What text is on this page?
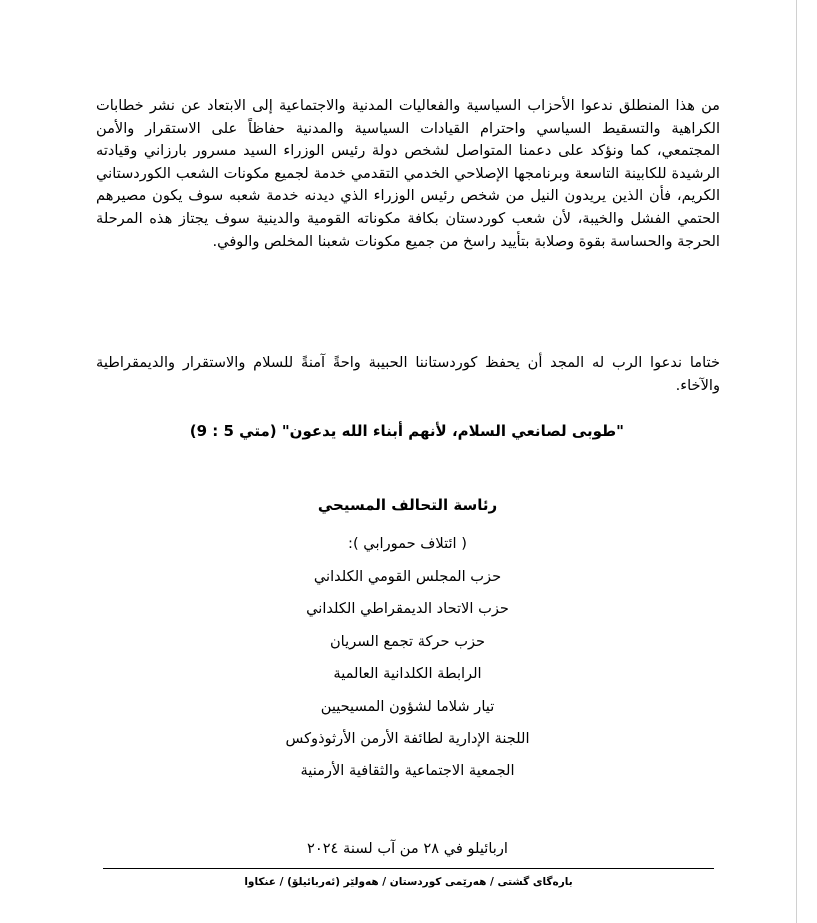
من هذا المنطلق ندعوا الأحزاب السياسية والفعاليات المدنية والاجتماعية إلى الابتعاد عن نشر خطابات الكراهية والتسقيط السياسي واحترام القيادات السياسية والمدنية حفاظاً على الاستقرار والأمن المجتمعي، كما ونؤكد على دعمنا المتواصل لشخص دولة رئيس الوزراء السيد مسرور بارزاني وقيادته الرشيدة للكابينة التاسعة وبرنامجها الإصلاحي الخدمي التقدمي خدمة لجميع مكونات الشعب الكوردستاني الكريم، فأن الذين يريدون النيل من شخص رئيس الوزراء الذي ديدنه خدمة شعبه سوف يكون مصيرهم الحتمي الفشل والخيبة، لأن شعب كوردستان بكافة مكوناته القومية والدينية سوف يجتاز هذه المرحلة الحرجة والحساسة بقوة وصلابة بتأييد راسخ من جميع مكونات شعبنا المخلص والوفي.

ختاما ندعوا الرب له المجد أن يحفظ كوردستاننا الحبيبة واحةً آمنةً للسلام والاستقرار والديمقراطية والآخاء.

"طوبى لصانعي السلام، لأنهم أبناء الله يدعون" (متي 5 : 9)
رئاسة التحالف المسيحي
( ائتلاف حمورابي ):
حزب المجلس القومي الكلداني
حزب الاتحاد الديمقراطي الكلداني
حزب حركة تجمع السريان
الرابطة الكلدانية العالمية
تيار شلاما لشؤون المسيحيين
اللجنة الإدارية لطائفة الأرمن الأرثوذوكس
الجمعية الاجتماعية والثقافية الأرمنية
اربائيلو في ٢٨ من آب لسنة ٢٠٢٤
بارەگای گشتی / هەرێمی کوردستان / هەولێر (ئەربائیلۆ) / عنکاوا
